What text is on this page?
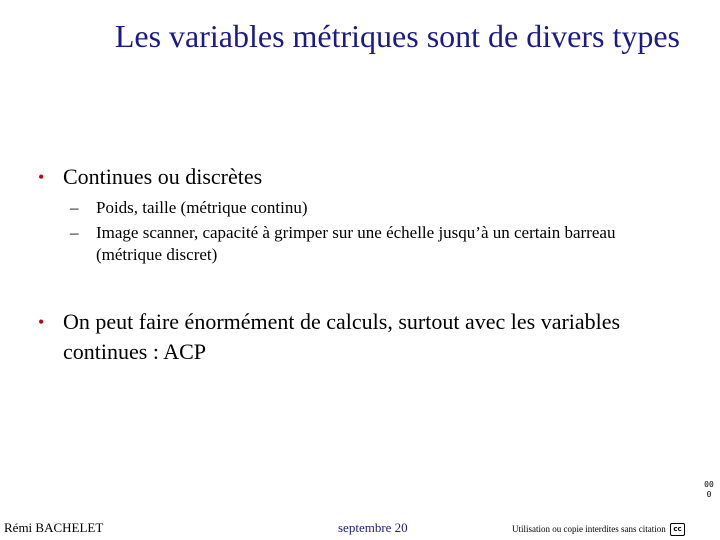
Les variables métriques sont de divers types
• Continues ou discrètes
– Poids, taille (métrique continu)
– Image scanner, capacité à grimper sur une échelle jusqu’à un certain barreau (métrique discret)
• On peut faire énormément de calculs, surtout avec les variables continues : ACP
Rémi BACHELET	septembre 20	Utilisation ou copie interdites sans citation	cc
000
